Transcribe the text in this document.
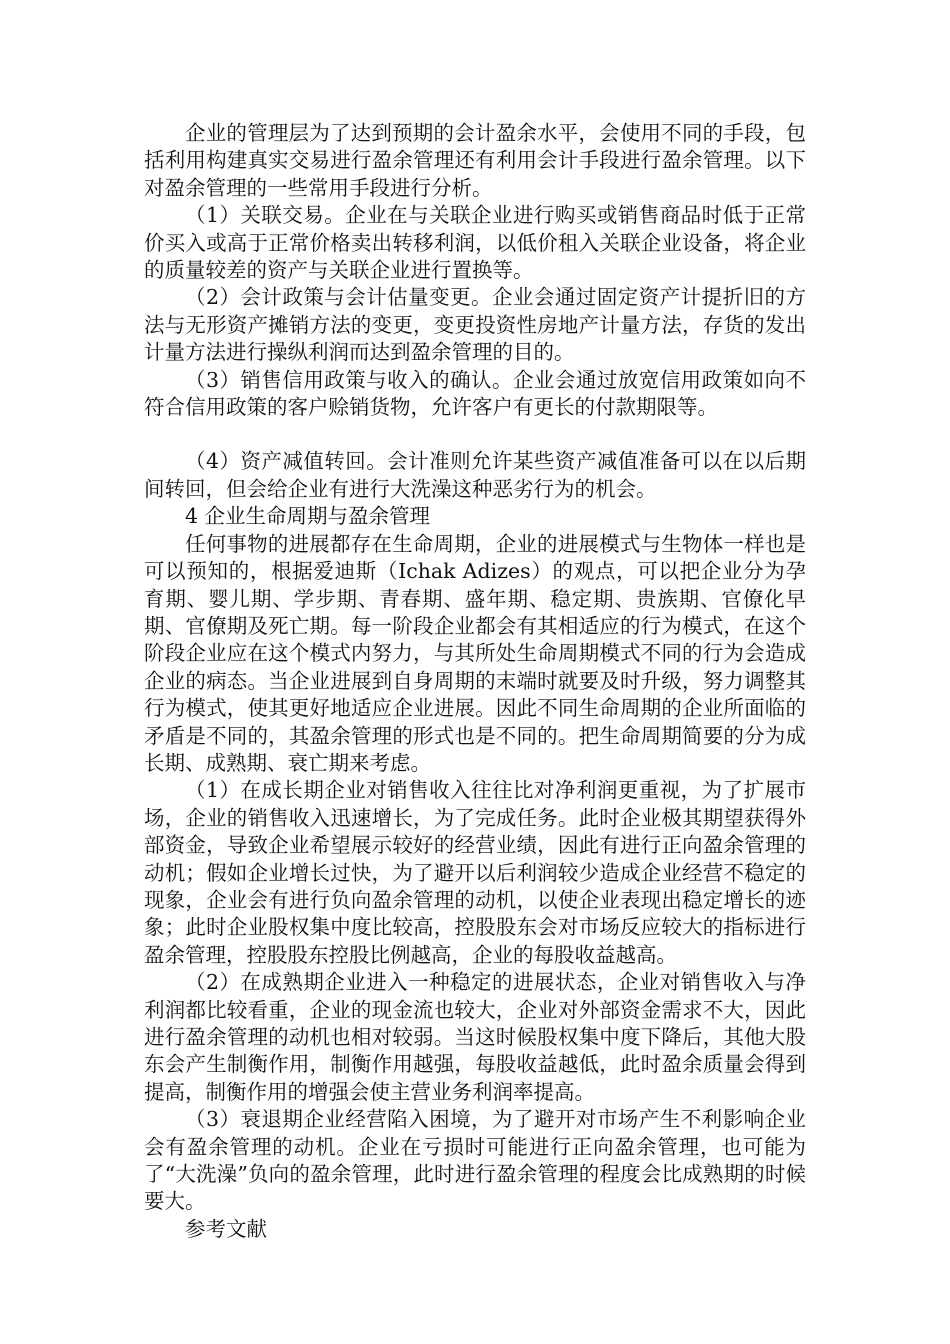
企业的管理层为了达到预期的会计盈余水平，会使用不同的手段，包括利用构建真实交易进行盈余管理还有利用会计手段进行盈余管理。以下对盈余管理的一些常用手段进行分析。

（1）关联交易。企业在与关联企业进行购买或销售商品时低于正常价买入或高于正常价格卖出转移利润，以低价租入关联企业设备，将企业的质量较差的资产与关联企业进行置换等。

（2）会计政策与会计估量变更。企业会通过固定资产计提折旧的方法与无形资产摊销方法的变更，变更投资性房地产计量方法，存货的发出计量方法进行操纵利润而达到盈余管理的目的。

（3）销售信用政策与收入的确认。企业会通过放宽信用政策如向不符合信用政策的客户赊销货物，允许客户有更长的付款期限等。

（4）资产减值转回。会计准则允许某些资产减值准备可以在以后期间转回，但会给企业有进行大洗澡这种恶劣行为的机会。

4 企业生命周期与盈余管理

任何事物的进展都存在生命周期，企业的进展模式与生物体一样也是可以预知的，根据爱迪斯（Ichak Adizes）的观点，可以把企业分为孕育期、婴儿期、学步期、青春期、盛年期、稳定期、贵族期、官僚化早期、官僚期及死亡期。每一阶段企业都会有其相适应的行为模式，在这个阶段企业应在这个模式内努力，与其所处生命周期模式不同的行为会造成企业的病态。当企业进展到自身周期的末端时就要及时升级，努力调整其行为模式，使其更好地适应企业进展。因此不同生命周期的企业所面临的矛盾是不同的，其盈余管理的形式也是不同的。把生命周期简要的分为成长期、成熟期、衰亡期来考虑。

（1）在成长期企业对销售收入往往比对净利润更重视，为了扩展市场，企业的销售收入迅速增长，为了完成任务。此时企业极其期望获得外部资金，导致企业希望展示较好的经营业绩，因此有进行正向盈余管理的动机；假如企业增长过快，为了避开以后利润较少造成企业经营不稳定的现象，企业会有进行负向盈余管理的动机，以使企业表现出稳定增长的迹象；此时企业股权集中度比较高，控股股东会对市场反应较大的指标进行盈余管理，控股股东控股比例越高，企业的每股收益越高。

（2）在成熟期企业进入一种稳定的进展状态，企业对销售收入与净利润都比较看重，企业的现金流也较大，企业对外部资金需求不大，因此进行盈余管理的动机也相对较弱。当这时候股权集中度下降后，其他大股东会产生制衡作用，制衡作用越强，每股收益越低，此时盈余质量会得到提高，制衡作用的增强会使主营业务利润率提高。

（3）衰退期企业经营陷入困境，为了避开对市场产生不利影响企业会有盈余管理的动机。企业在亏损时可能进行正向盈余管理，也可能为了“大洗澡”负向的盈余管理，此时进行盈余管理的程度会比成熟期的时候要大。

参考文献
